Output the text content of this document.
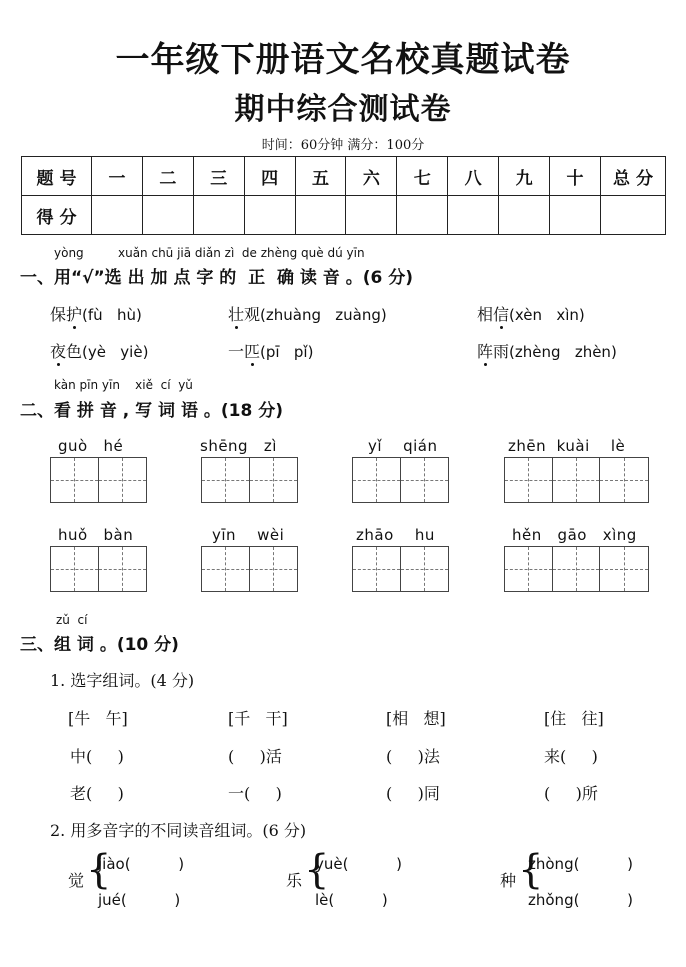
一年级下册语文名校真题试卷
期中综合测试卷
时间：60分钟 满分：100分
题 号	一	二	三	四	五	六	七	八	九	十	总 分
得 分											
yòng         xuǎn chū jiā diǎn zì  de zhèng què dú yīn
一、用“√”选 出 加 点 字 的  正  确 读 音 。(6 分)
保护(fù   hù)	壮观(zhuàng   zuàng)	相信(xèn   xìn)
夜色(yè   yiè)	一匹(pī   pǐ)	阵雨(zhèng   zhèn)
kàn pīn yīn    xiě  cí  yǔ
二、看 拼 音 , 写 词 语 。(18 分)
guò   hé	shēng   zì	yǐ    qián	zhēn  kuài    lè
huǒ   bàn	yīn    wèi	zhāo    hu	hěn   gāo   xìng
zǔ  cí
三、组 词 。(10 分)
1. 选字组词。(4 分)
[牛   午]	[千   干]	[相   想]	[住   往]
中(     )	(     )活	(     )法	来(     )
老(     )	一(     )	(     )同	(     )所
2. 用多音字的不同读音组词。(6 分)
觉 {
jiào(          )
jué(          )
乐 {
yuè(          )
lè(          )
种 {
zhòng(          )
zhǒng(          )
